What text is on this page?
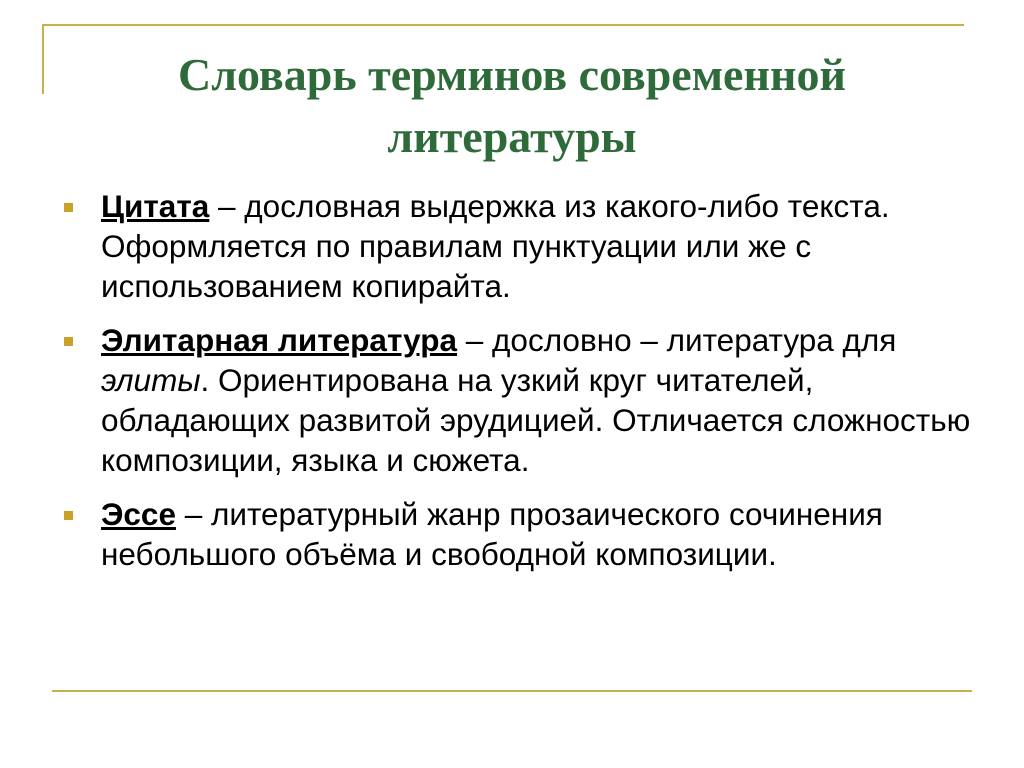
Словарь терминов современной
литературы
Цитата – дословная выдержка из какого-либо текста. Оформляется по правилам пунктуации или же с использованием копирайта.
Элитарная литература – дословно – литература для элиты. Ориентирована на узкий круг читателей, обладающих развитой эрудицией. Отличается сложностью композиции, языка и сюжета.
Эссе – литературный жанр прозаического сочинения небольшого объёма и свободной композиции.
